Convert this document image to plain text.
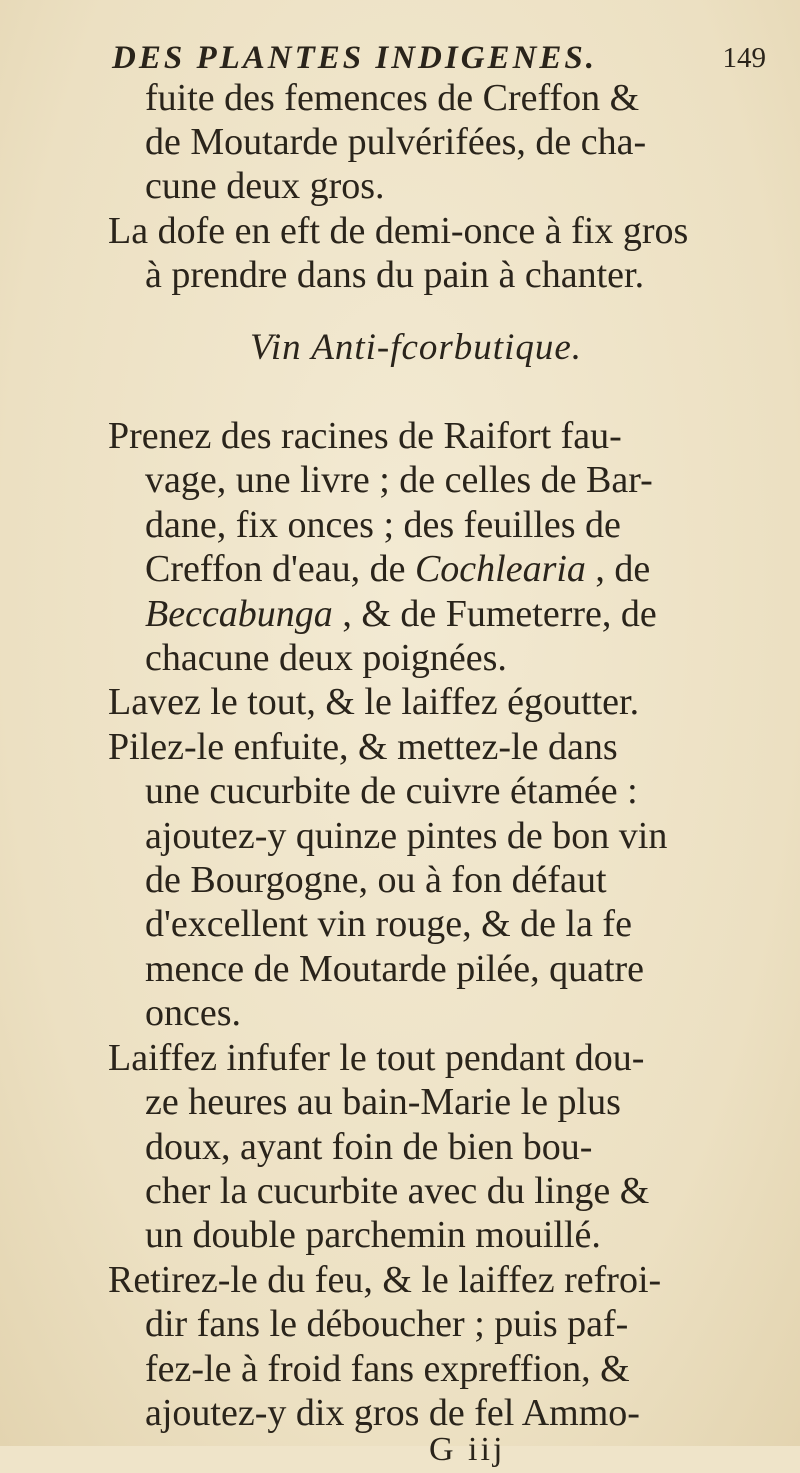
DES PLANTES INDIGENES.	149
fuite des femences de Creffon &
de Moutarde pulvérifées, de cha-
cune deux gros.
La dofe en eft de demi-once à fix gros
à prendre dans du pain à chanter.
Vin Anti-fcorbutique.
Prenez des racines de Raifort fau-
vage, une livre ; de celles de Bar-
dane, fix onces ; des feuilles de
Creffon d'eau, de Cochlearia , de
Beccabunga , & de Fumeterre, de
chacune deux poignées.
Lavez le tout, & le laiffez égoutter.
Pilez-le enfuite, & mettez-le dans
une cucurbite de cuivre étamée :
ajoutez-y quinze pintes de bon vin
de Bourgogne, ou à fon défaut
d'excellent vin rouge, & de la fe
mence de Moutarde pilée, quatre
onces.
Laiffez infufer le tout pendant dou-
ze heures au bain-Marie le plus
doux, ayant foin de bien bou-
cher la cucurbite avec du linge &
un double parchemin mouillé.
Retirez-le du feu, & le laiffez refroi-
dir fans le déboucher ; puis paf-
fez-le à froid fans expreffion, &
ajoutez-y dix gros de fel Ammo-
G iij
